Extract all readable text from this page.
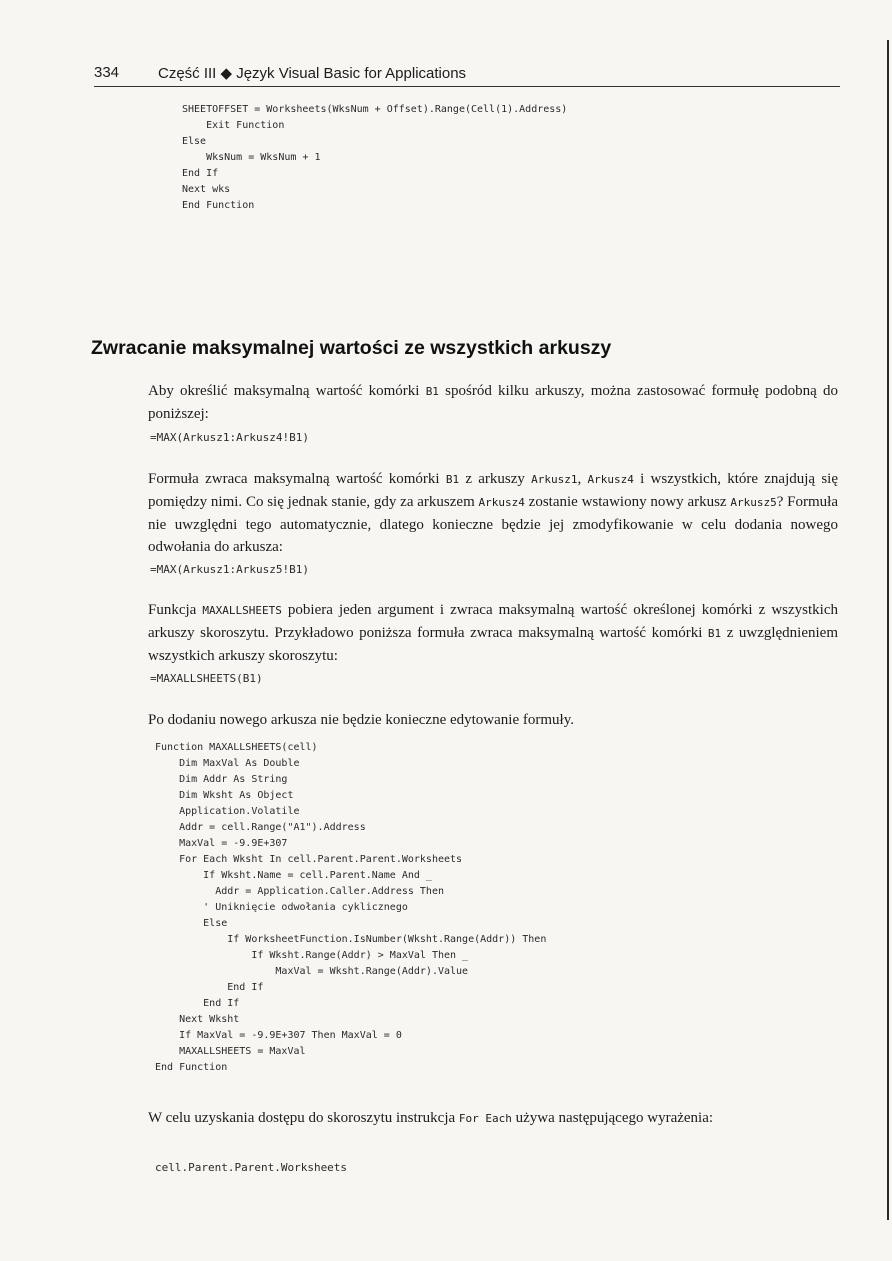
334	Część III ◆ Język Visual Basic for Applications
SHEETOFFSET = Worksheets(WksNum + Offset).Range(Cell(1).Address)
Exit Function
Else
WksNum = WksNum + 1
End If
Next wks
End Function
Zwracanie maksymalnej wartości ze wszystkich arkuszy

Aby określić maksymalną wartość komórki B1 spośród kilku arkuszy, można zastosować formułę podobną do poniższej:

=MAX(Arkusz1:Arkusz4!B1)

Formuła zwraca maksymalną wartość komórki B1 z arkuszy Arkusz1, Arkusz4 i wszystkich, które znajdują się pomiędzy nimi. Co się jednak stanie, gdy za arkuszem Arkusz4 zostanie wstawiony nowy arkusz Arkusz5? Formuła nie uwzględni tego automatycznie, dlatego konieczne będzie jej zmodyfikowanie w celu dodania nowego odwołania do arkusza:

=MAX(Arkusz1:Arkusz5!B1)

Funkcja MAXALLSHEETS pobiera jeden argument i zwraca maksymalną wartość określonej komórki z wszystkich arkuszy skoroszytu. Przykładowo poniższa formuła zwraca maksymalną wartość komórki B1 z uwzględnieniem wszystkich arkuszy skoroszytu:

=MAXALLSHEETS(B1)

Po dodaniu nowego arkusza nie będzie konieczne edytowanie formuły.

Function MAXALLSHEETS(cell)
Dim MaxVal As Double
Dim Addr As String
Dim Wksht As Object
Application.Volatile
Addr = cell.Range("A1").Address
MaxVal = -9.9E+307
For Each Wksht In cell.Parent.Parent.Worksheets
If Wksht.Name = cell.Parent.Name And _
Addr = Application.Caller.Address Then
' Uniknięcie odwołania cyklicznego
Else
If WorksheetFunction.IsNumber(Wksht.Range(Addr)) Then
If Wksht.Range(Addr) > MaxVal Then _
MaxVal = Wksht.Range(Addr).Value
End If
End If
Next Wksht
If MaxVal = -9.9E+307 Then MaxVal = 0
MAXALLSHEETS = MaxVal
End Function

W celu uzyskania dostępu do skoroszytu instrukcja For Each używa następującego wyrażenia:

cell.Parent.Parent.Worksheets
